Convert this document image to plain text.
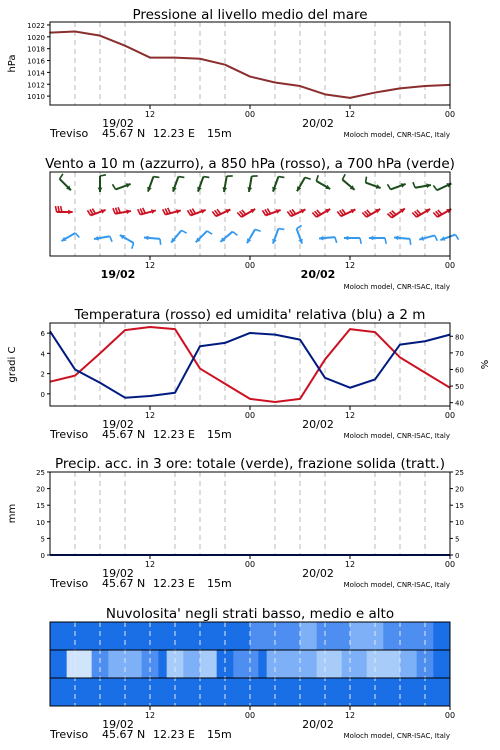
Pressione al livello medio del mare
12	00	12	00
19/02	20/02
Treviso 45.67 N 12.23 E 15m	Moloch model, CNR-ISAC, Italy
1010
1012
1014
1016
1018
1020
1022
hPa
Vento a 10 m (azzurro), a 850 hPa (rosso), a 700 hPa (verde)
12	00	12	00
19/02	20/02
Moloch model, CNR-ISAC, Italy
Temperatura (rosso) ed umidita' relativa (blu) a 2 m
12	00	12	00
19/02	20/02
Treviso 45.67 N 12.23 E 15m	Moloch model, CNR-ISAC, Italy
0
2
4
6
40
50
60
70
80
gradi C	%
Precip. acc. in 3 ore: totale (verde), frazione solida (tratt.)
12	00	12	00
19/02	20/02
Treviso 45.67 N 12.23 E 15m	Moloch model, CNR-ISAC, Italy
0
5
10
15
20
25
0
5
10
15
20
25
mm
Nuvolosita' negli strati basso, medio e alto
12	00	12	00
19/02	20/02
Treviso 45.67 N 12.23 E 15m	Moloch model, CNR-ISAC, Italy
